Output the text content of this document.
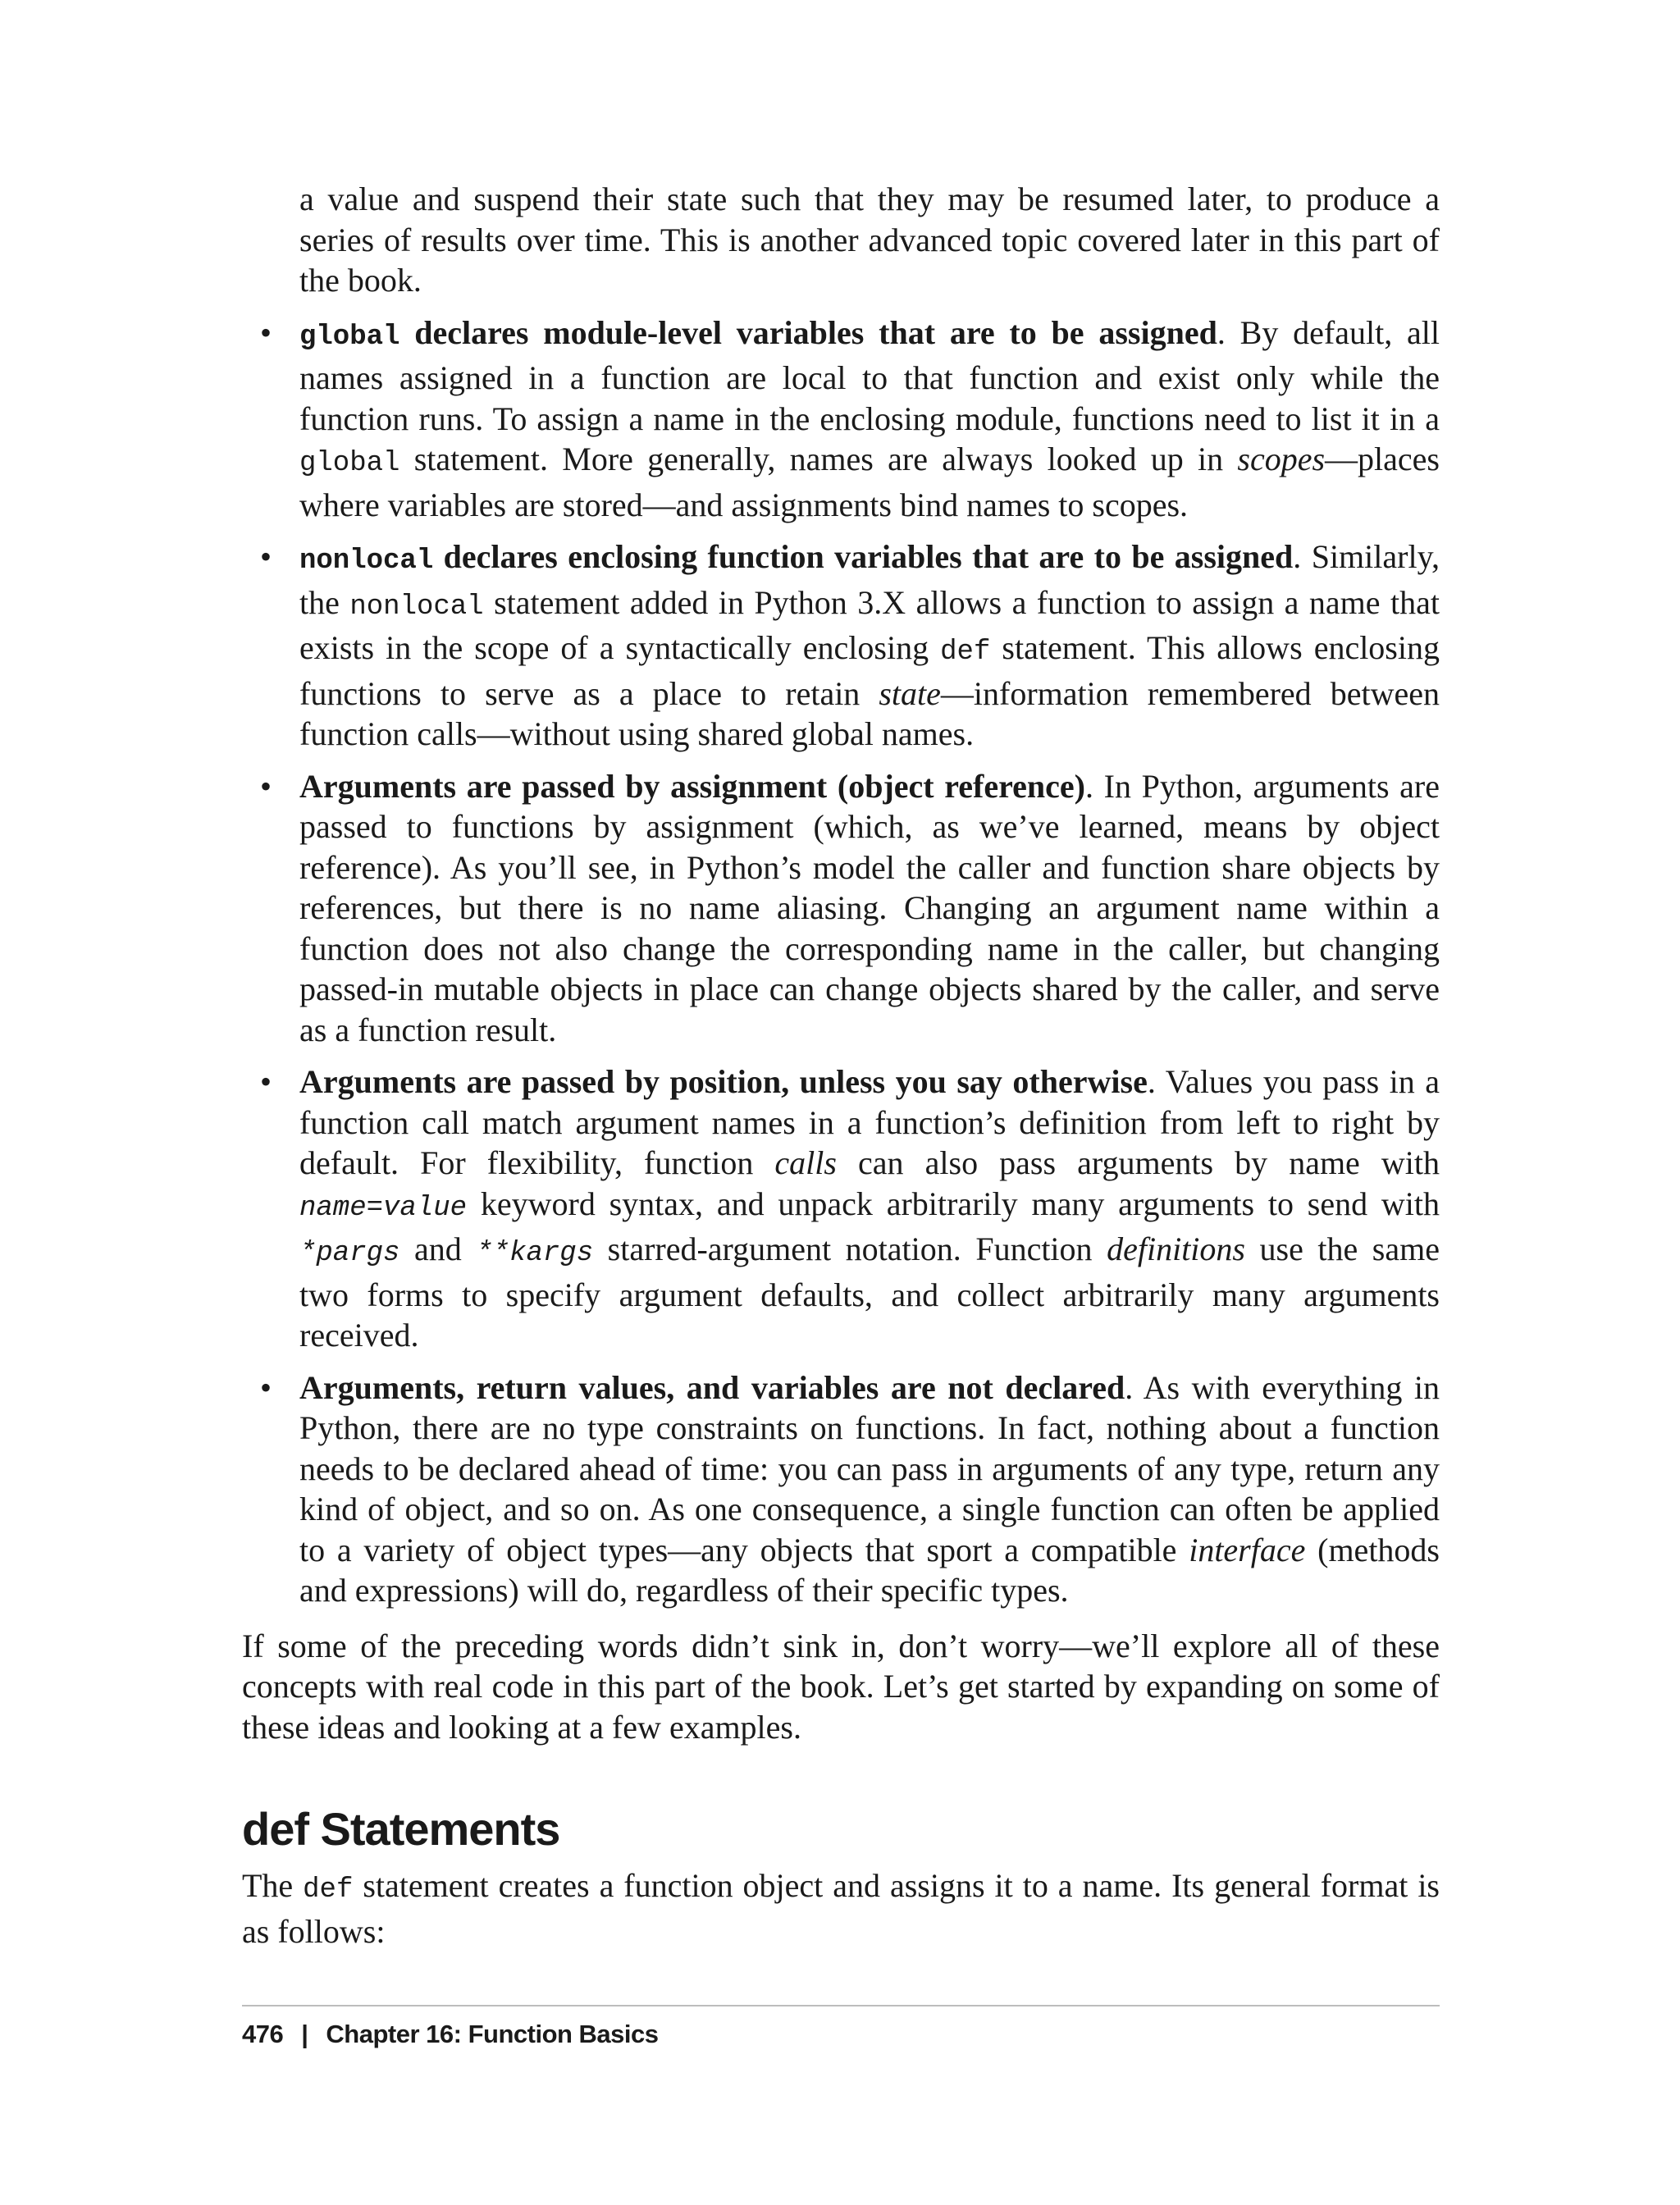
a value and suspend their state such that they may be resumed later, to produce a series of results over time. This is another advanced topic covered later in this part of the book.

• global declares module-level variables that are to be assigned. By default, all names assigned in a function are local to that function and exist only while the function runs. To assign a name in the enclosing module, functions need to list it in a global statement. More generally, names are always looked up in scopes—places where variables are stored—and assignments bind names to scopes.
• nonlocal declares enclosing function variables that are to be assigned. Similarly, the nonlocal statement added in Python 3.X allows a function to assign a name that exists in the scope of a syntactically enclosing def statement. This allows enclosing functions to serve as a place to retain state—information remembered between function calls—without using shared global names.
• Arguments are passed by assignment (object reference). In Python, arguments are passed to functions by assignment (which, as we’ve learned, means by object reference). As you’ll see, in Python’s model the caller and function share objects by references, but there is no name aliasing. Changing an argument name within a function does not also change the corresponding name in the caller, but changing passed-in mutable objects in place can change objects shared by the caller, and serve as a function result.
• Arguments are passed by position, unless you say otherwise. Values you pass in a function call match argument names in a function’s definition from left to right by default. For flexibility, function calls can also pass arguments by name with name=value keyword syntax, and unpack arbitrarily many arguments to send with *pargs and **kargs starred-argument notation. Function definitions use the same two forms to specify argument defaults, and collect arbitrarily many arguments received.
• Arguments, return values, and variables are not declared. As with everything in Python, there are no type constraints on functions. In fact, nothing about a function needs to be declared ahead of time: you can pass in arguments of any type, return any kind of object, and so on. As one consequence, a single function can often be applied to a variety of object types—any objects that sport a compatible interface (methods and expressions) will do, regardless of their specific types.

If some of the preceding words didn’t sink in, don’t worry—we’ll explore all of these concepts with real code in this part of the book. Let’s get started by expanding on some of these ideas and looking at a few examples.

def Statements

The def statement creates a function object and assigns it to a name. Its general format is as follows:

476 | Chapter 16: Function Basics
